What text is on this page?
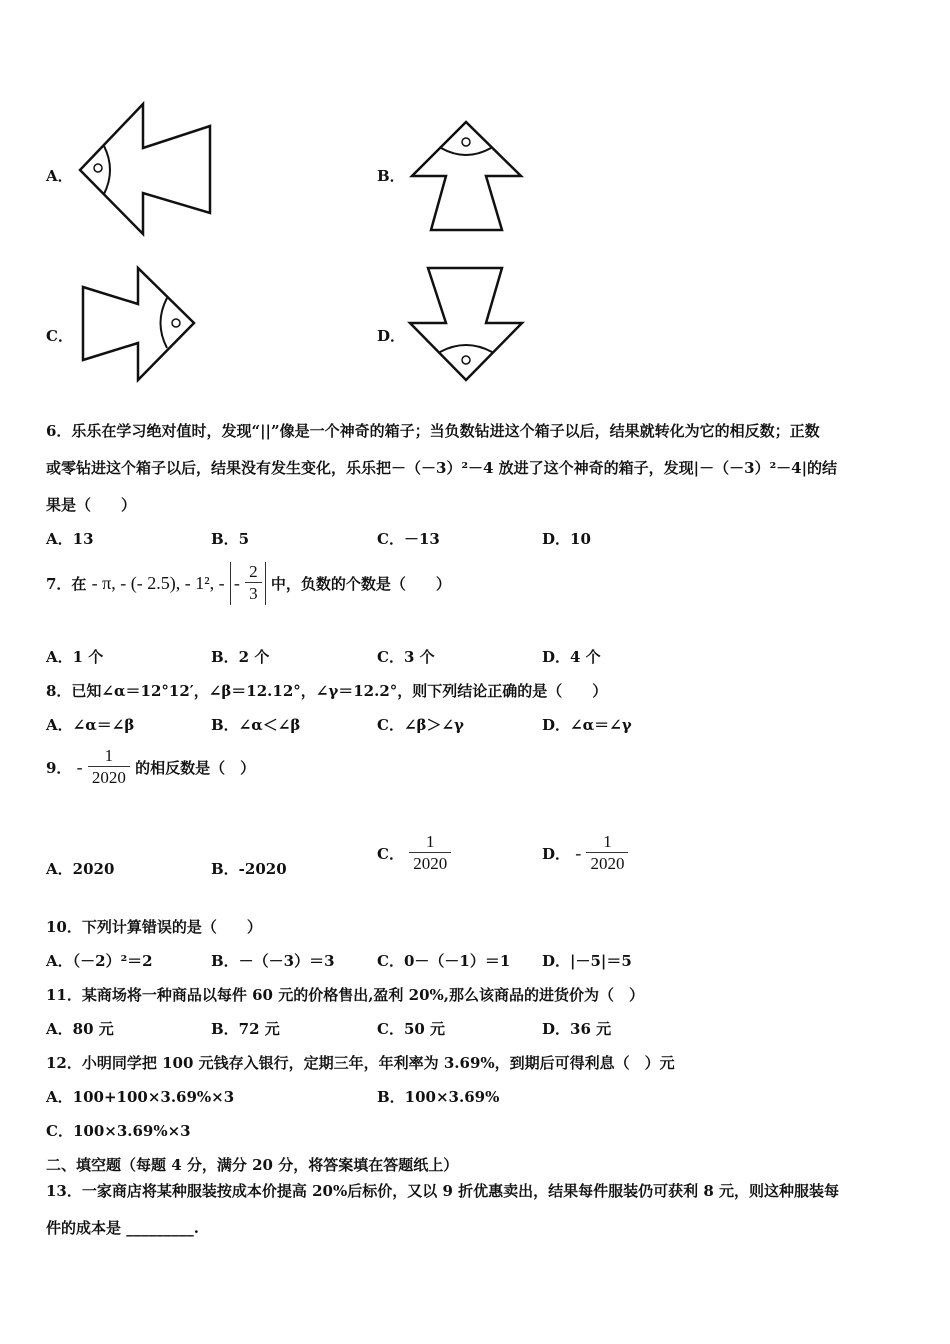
A．	B．
C．	D．
6．乐乐在学习绝对值时，发现“||”像是一个神奇的箱子；当负数钻进这个箱子以后，结果就转化为它的相反数；正数
或零钻进这个箱子以后，结果没有发生变化，乐乐把－（－3）²－4 放进了这个神奇的箱子，发现|－（－3）²－4|的结
果是（　　）
A．13	B．5	C．－13	D．10
7．在 - π, - (- 2.5), - 1², - - $\frac{2}{3}$ 中，负数的个数是（　　）
A．1 个	B．2 个	C．3 个	D．4 个
8．已知∠α＝12°12′，∠β＝12.12°，∠γ＝12.2°，则下列结论正确的是（　　）
A．∠α＝∠β	B．∠α＜∠β	C．∠β＞∠γ	D．∠α＝∠γ
9． - $\frac{1}{2020}$ 的相反数是（　）
A．2020	B．-2020
C． $\frac{1}{2020}$	D． - $\frac{1}{2020}$
10．下列计算错误的是（　　）
A．（－2）²＝2	B．－（－3）＝3	C．0－（－1）＝1 D．|－5|＝5
11．某商场将一种商品以每件 60 元的价格售出,盈利 20%,那么该商品的进货价为（　）
A．80 元	B．72 元	C．50 元	D．36 元
12．小明同学把 100 元钱存入银行，定期三年，年利率为 3.69%，到期后可得利息（　）元
A．100+100×3.69%×3	B．100×3.69%
C．100×3.69%×3
二、填空题（每题 4 分，满分 20 分，将答案填在答题纸上）
13．一家商店将某种服装按成本价提高 20%后标价，又以 9 折优惠卖出，结果每件服装仍可获利 8 元，则这种服装每
件的成本是 _________.
